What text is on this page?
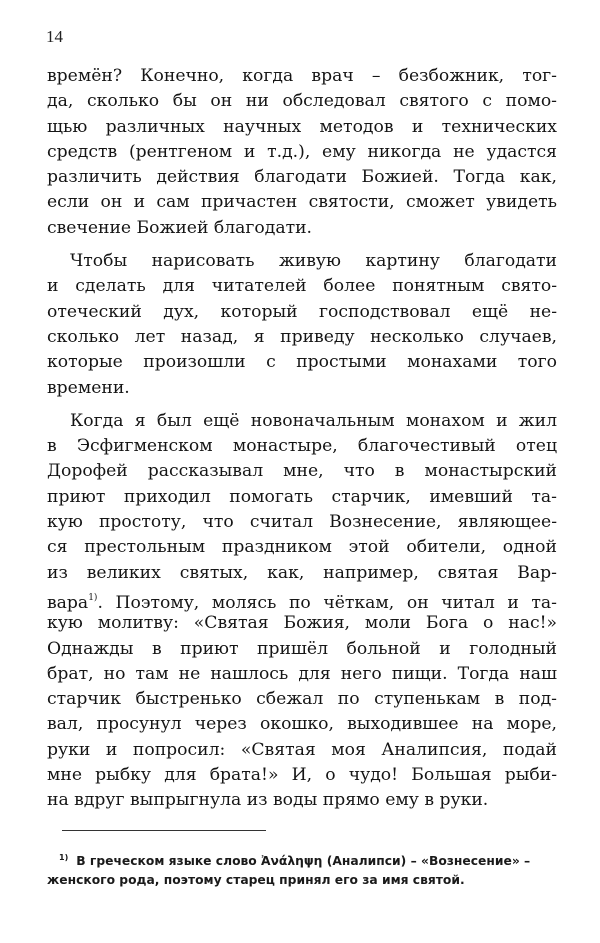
14
времён? Конечно, когда врач – безбожник, тог-
да, сколько бы он ни обследовал святого с помо-
щью различных научных методов и технических
средств (рентгеном и т.д.), ему никогда не удастся
различить действия благодати Божией. Тогда как,
если он и сам причастен святости, сможет увидеть
свечение Божией благодати.
Чтобы нарисовать живую картину благодати
и сделать для читателей более понятным свято-
отеческий дух, который господствовал ещё не-
сколько лет назад, я приведу несколько случаев,
которые произошли с простыми монахами того
времени.
Когда я был ещё новоначальным монахом и жил
в Эсфигменском монастыре, благочестивый отец
Дорофей рассказывал мне, что в монастырский
приют приходил помогать старчик, имевший та-
кую простоту, что считал Вознесение, являющее-
ся престольным праздником этой обители, одной
из великих святых, как, например, святая Вар-
вара$^{1)}$. Поэтому, молясь по чёткам, он читал и та-
кую молитву: «Святая Божия, моли Бога о нас!»
Однажды в приют пришёл больной и голодный
брат, но там не нашлось для него пищи. Тогда наш
старчик быстренько сбежал по ступенькам в под-
вал, просунул через окошко, выходившее на море,
руки и попросил: «Святая моя Аналипсия, подай
мне рыбку для брата!» И, о чудо! Большая рыби-
на вдруг выпрыгнула из воды прямо ему в руки.
$^{1)}$ В греческом языке слово Ἀνάληψη (Аналипси) – «Вознесение» –
женского рода, поэтому старец принял его за имя святой.
